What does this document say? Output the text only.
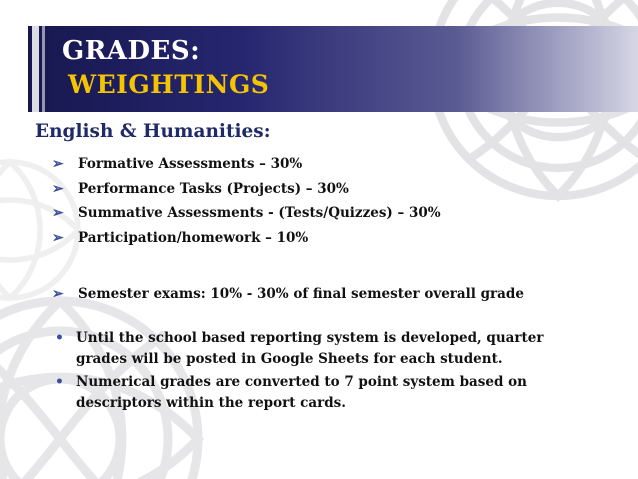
GRADES:
WEIGHTINGS
English & Humanities:
➢ Formative Assessments – 30%
➢ Performance Tasks (Projects) – 30%
➢ Summative Assessments - (Tests/Quizzes) – 30%
➢ Participation/homework – 10%
➢ Semester exams: 10% - 30% of final semester overall grade
• Until the school based reporting system is developed, quarter grades will be posted in Google Sheets for each student.
• Numerical grades are converted to 7 point system based on descriptors within the report cards.
